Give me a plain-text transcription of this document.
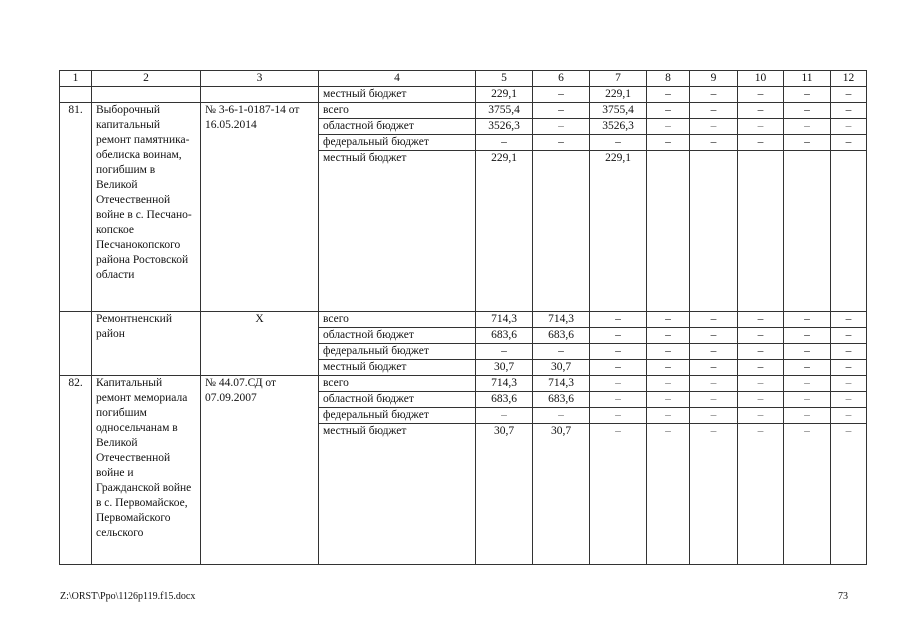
1	2	3	4	5	6	7	8	9	10	11	12
			местный бюджет	229,1	–	229,1	–	–	–	–	–
81.	Выборочный капитальный ремонт памятника-обелиска воинам, погибшим в Великой Отечественной войне в с. Песчано-копское Песчанокопского района Ростовской области	№ 3-6-1-0187-14 от 16.05.2014	всего	3755,4	–	3755,4	–	–	–	–	–
			областной бюджет	3526,3	–	3526,3	–	–	–	–	–
			федеральный бюджет	–	–	–	–	–	–	–	–
			местный бюджет	229,1		229,1					
	Ремонтненский район	Х	всего	714,3	714,3	–	–	–	–	–	–
			областной бюджет	683,6	683,6	–	–	–	–	–	–
			федеральный бюджет	–	–	–	–	–	–	–	–
			местный бюджет	30,7	30,7	–	–	–	–	–	–
82.	Капитальный ремонт мемориала погибшим односельчанам в Великой Отечественной войне и Гражданской войне в с. Первомайское, Первомайского сельского	№ 44.07.СД от 07.09.2007	всего	714,3	714,3	–	–	–	–	–	–
			областной бюджет	683,6	683,6	–	–	–	–	–	–
			федеральный бюджет	–	–	–	–	–	–	–	–
			местный бюджет	30,7	30,7	–	–	–	–	–	–
Z:\ORST\Ppo\1126p119.f15.docx	73
